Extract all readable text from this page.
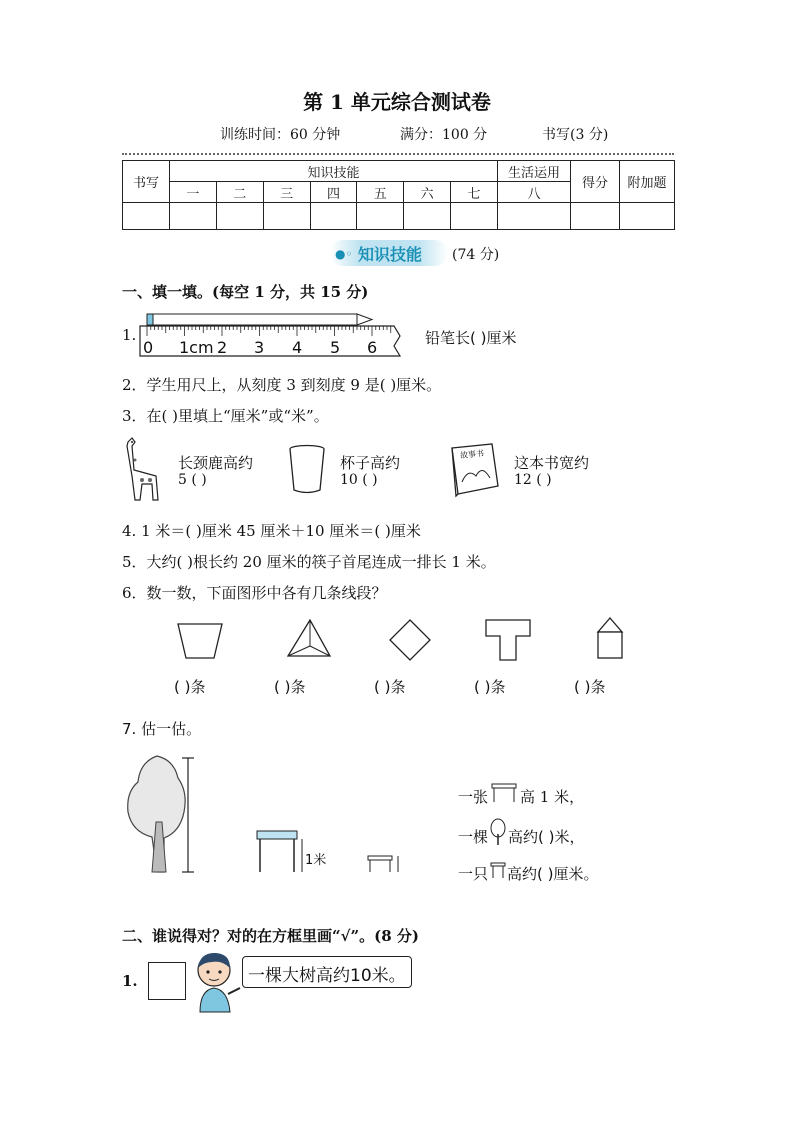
第 1 单元综合测试卷
训练时间：60 分钟	满分：100 分	书写(3 分)
书写	知识技能							生活运用	得分	附加题
	一	二	三	四	五	六	七	八		

●◦ 知识技能 (74 分)
一、填一填。(每空 1 分，共 15 分)
1.
0 1cm 2 3 4 5 6	铅笔长( )厘米
2．学生用尺上，从刻度 3 到刻度 9 是( )厘米。
3．在( )里填上“厘米”或“米”。
长颈鹿高约
5 ( )
杯子高约
10 ( )
故事书 这本书宽约
12 ( )
4. 1 米＝( )厘米 45 厘米＋10 厘米＝( )厘米
5．大约( )根长约 20 厘米的筷子首尾连成一排长 1 米。
6．数一数，下面图形中各有几条线段？
( )条	( )条	( )条	( )条	( )条
7. 估一估。
1米
一张 高 1 米，
一棵 高约( )米，
一只 高约( )厘米。
二、谁说得对？对的在方框里画“√”。(8 分)
1.	一棵大树高约10米。
